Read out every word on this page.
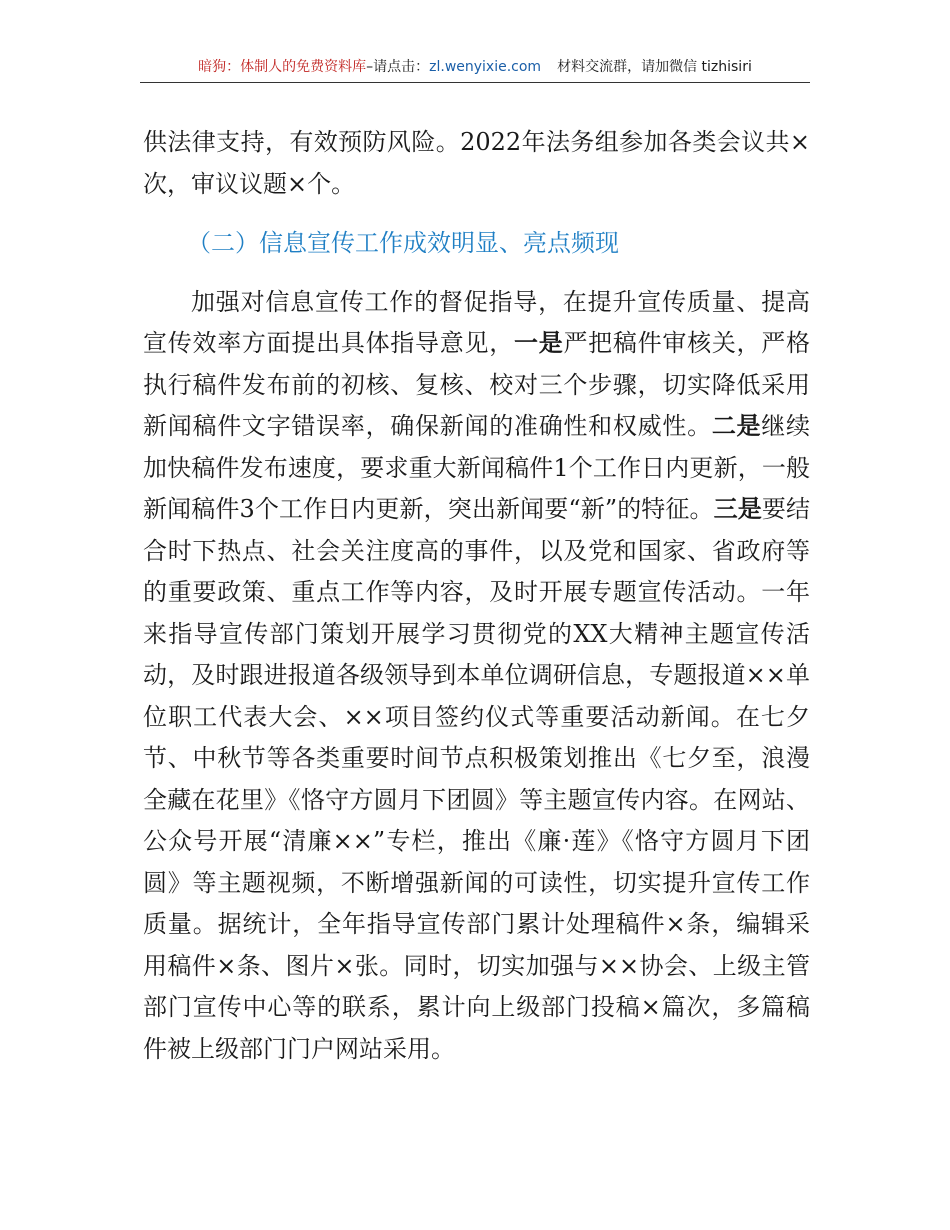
暗狗：体制人的免费资料库–请点击：zl.wenyixie.com 材料交流群，请加微信 tizhisiri

供法律支持，有效预防风险。2022年法务组参加各类会议共×次，审议议题×个。

（二）信息宣传工作成效明显、亮点频现

加强对信息宣传工作的督促指导，在提升宣传质量、提高宣传效率方面提出具体指导意见，一是严把稿件审核关，严格执行稿件发布前的初核、复核、校对三个步骤，切实降低采用新闻稿件文字错误率，确保新闻的准确性和权威性。二是继续加快稿件发布速度，要求重大新闻稿件1个工作日内更新，一般新闻稿件3个工作日内更新，突出新闻要“新”的特征。三是要结合时下热点、社会关注度高的事件，以及党和国家、省政府等的重要政策、重点工作等内容，及时开展专题宣传活动。一年来指导宣传部门策划开展学习贯彻党的XX大精神主题宣传活动，及时跟进报道各级领导到本单位调研信息，专题报道××单位职工代表大会、××项目签约仪式等重要活动新闻。在七夕节、中秋节等各类重要时间节点积极策划推出《七夕至，浪漫全藏在花里》《恪守方圆月下团圆》等主题宣传内容。在网站、公众号开展“清廉××”专栏，推出《廉·莲》《恪守方圆月下团圆》等主题视频，不断增强新闻的可读性，切实提升宣传工作质量。据统计，全年指导宣传部门累计处理稿件×条，编辑采用稿件×条、图片×张。同时，切实加强与××协会、上级主管部门宣传中心等的联系，累计向上级部门投稿×篇次，多篇稿件被上级部门门户网站采用。
